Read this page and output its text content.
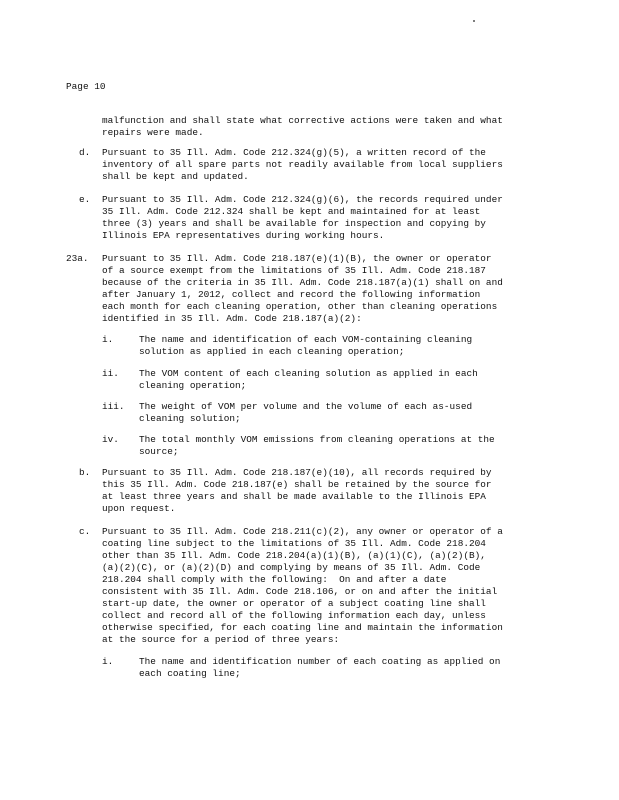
Page 10
malfunction and shall state what corrective actions were taken and what
repairs were made.
d. Pursuant to 35 Ill. Adm. Code 212.324(g)(5), a written record of the
inventory of all spare parts not readily available from local suppliers
shall be kept and updated.
e. Pursuant to 35 Ill. Adm. Code 212.324(g)(6), the records required under
35 Ill. Adm. Code 212.324 shall be kept and maintained for at least
three (3) years and shall be available for inspection and copying by
Illinois EPA representatives during working hours.
23a. Pursuant to 35 Ill. Adm. Code 218.187(e)(1)(B), the owner or operator
of a source exempt from the limitations of 35 Ill. Adm. Code 218.187
because of the criteria in 35 Ill. Adm. Code 218.187(a)(1) shall on and
after January 1, 2012, collect and record the following information
each month for each cleaning operation, other than cleaning operations
identified in 35 Ill. Adm. Code 218.187(a)(2):
i.	The name and identification of each VOM-containing cleaning
solution as applied in each cleaning operation;
ii. The VOM content of each cleaning solution as applied in each
cleaning operation;
iii. The weight of VOM per volume and the volume of each as-used
cleaning solution;
iv. The total monthly VOM emissions from cleaning operations at the
source;
b. Pursuant to 35 Ill. Adm. Code 218.187(e)(10), all records required by
this 35 Ill. Adm. Code 218.187(e) shall be retained by the source for
at least three years and shall be made available to the Illinois EPA
upon request.
c. Pursuant to 35 Ill. Adm. Code 218.211(c)(2), any owner or operator of a
coating line subject to the limitations of 35 Ill. Adm. Code 218.204
other than 35 Ill. Adm. Code 218.204(a)(1)(B), (a)(1)(C), (a)(2)(B),
(a)(2)(C), or (a)(2)(D) and complying by means of 35 Ill. Adm. Code
218.204 shall comply with the following:  On and after a date
consistent with 35 Ill. Adm. Code 218.106, or on and after the initial
start-up date, the owner or operator of a subject coating line shall
collect and record all of the following information each day, unless
otherwise specified, for each coating line and maintain the information
at the source for a period of three years:
i.	The name and identification number of each coating as applied on
each coating line;
